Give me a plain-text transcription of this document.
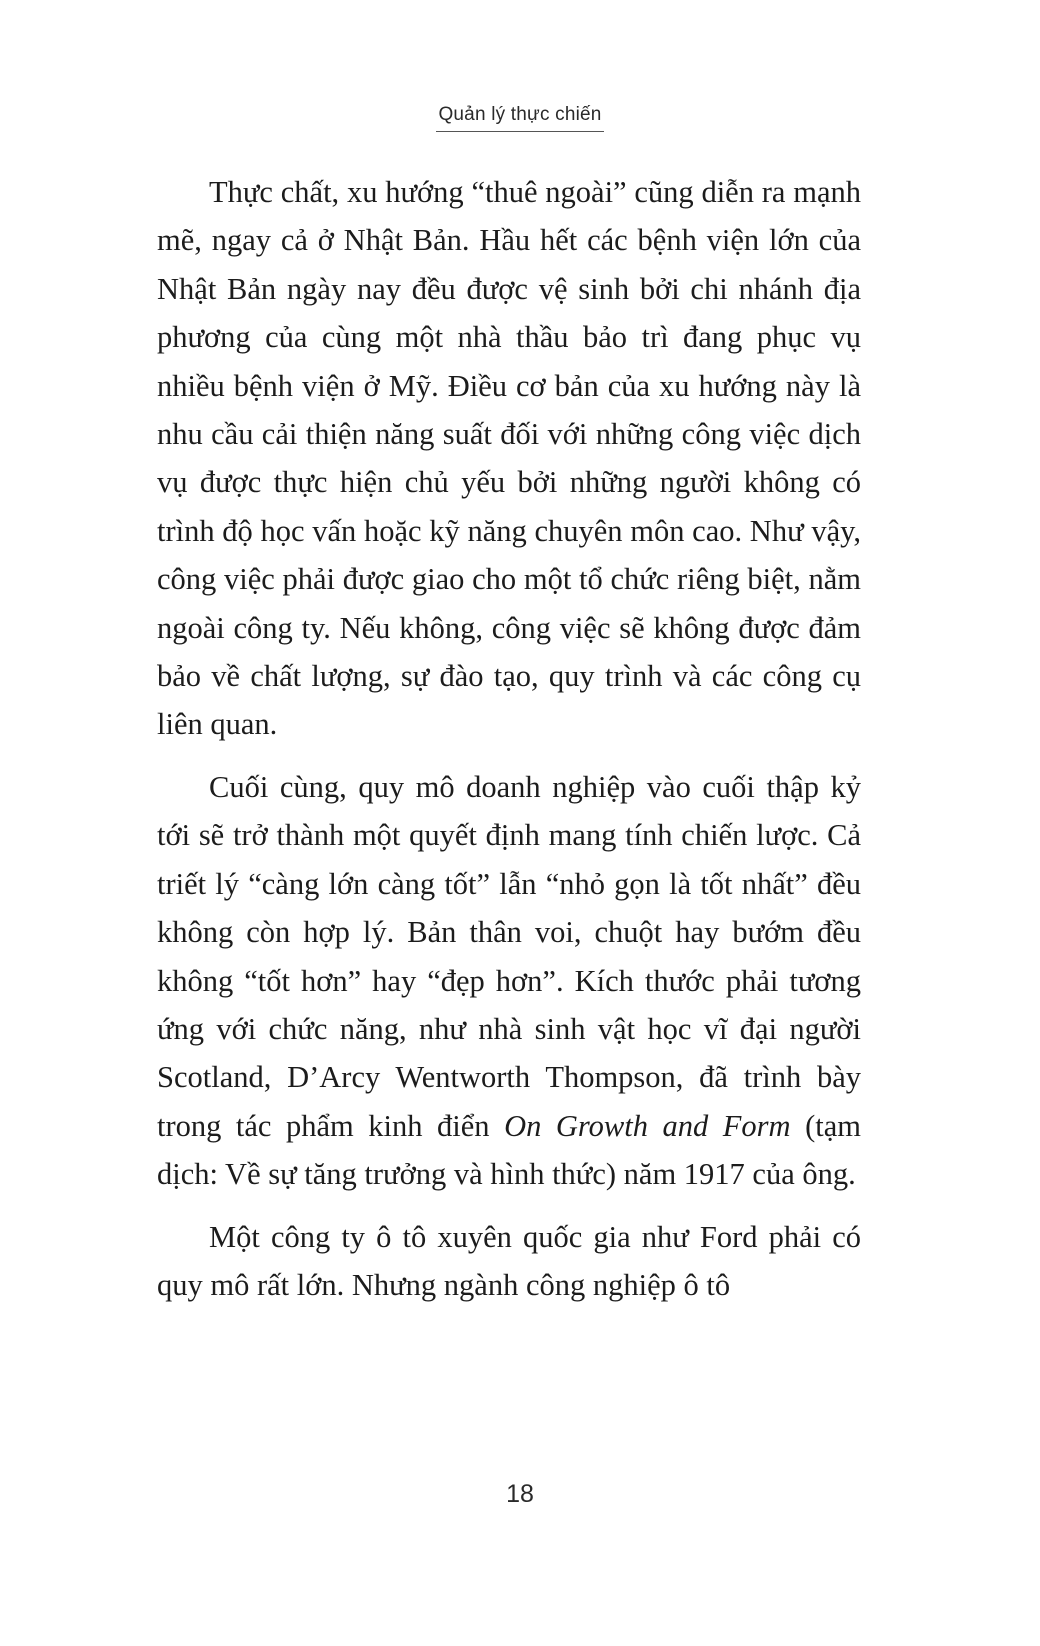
Quản lý thực chiến

Thực chất, xu hướng “thuê ngoài” cũng diễn ra mạnh mẽ, ngay cả ở Nhật Bản. Hầu hết các bệnh viện lớn của Nhật Bản ngày nay đều được vệ sinh bởi chi nhánh địa phương của cùng một nhà thầu bảo trì đang phục vụ nhiều bệnh viện ở Mỹ. Điều cơ bản của xu hướng này là nhu cầu cải thiện năng suất đối với những công việc dịch vụ được thực hiện chủ yếu bởi những người không có trình độ học vấn hoặc kỹ năng chuyên môn cao. Như vậy, công việc phải được giao cho một tổ chức riêng biệt, nằm ngoài công ty. Nếu không, công việc sẽ không được đảm bảo về chất lượng, sự đào tạo, quy trình và các công cụ liên quan.

Cuối cùng, quy mô doanh nghiệp vào cuối thập kỷ tới sẽ trở thành một quyết định mang tính chiến lược. Cả triết lý “càng lớn càng tốt” lẫn “nhỏ gọn là tốt nhất” đều không còn hợp lý. Bản thân voi, chuột hay bướm đều không “tốt hơn” hay “đẹp hơn”. Kích thước phải tương ứng với chức năng, như nhà sinh vật học vĩ đại người Scotland, D’Arcy Wentworth Thompson, đã trình bày trong tác phẩm kinh điển On Growth and Form (tạm dịch: Về sự tăng trưởng và hình thức) năm 1917 của ông.

Một công ty ô tô xuyên quốc gia như Ford phải có quy mô rất lớn. Nhưng ngành công nghiệp ô tô

18
